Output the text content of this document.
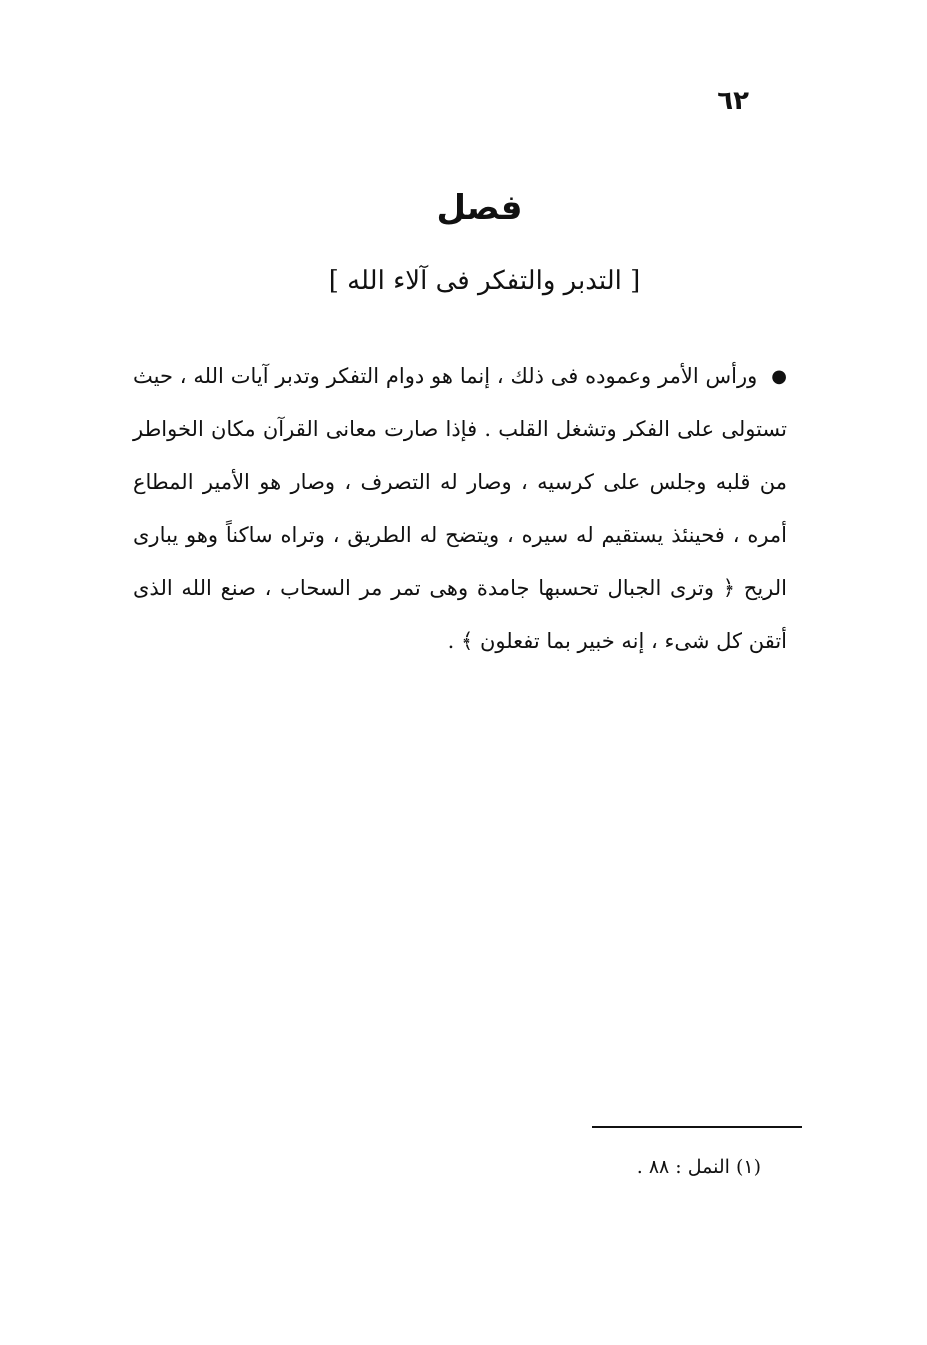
٦٢
فصل
[ التدبر والتفكر فى آلاء الله ]
●ورأس الأمر وعموده فى ذلك ، إنما هو دوام التفكر وتدبر آيات الله ، حيث تستولى على الفكر وتشغل القلب . فإذا صارت معانى القرآن مكان الخواطر من قلبه وجلس على كرسيه ، وصار له التصرف ، وصار هو الأمير المطاع أمره ، فحينئذ يستقيم له سيره ، ويتضح له الطريق ، وتراه ساكناً وهو يبارى الريح ﴿ وترى الجبال تحسبها جامدة وهى تمر مر السحاب ، صنع الله الذى أتقن كل شىء ، إنه خبير بما تفعلون ﴾ .
(١) النمل : ٨٨ .
